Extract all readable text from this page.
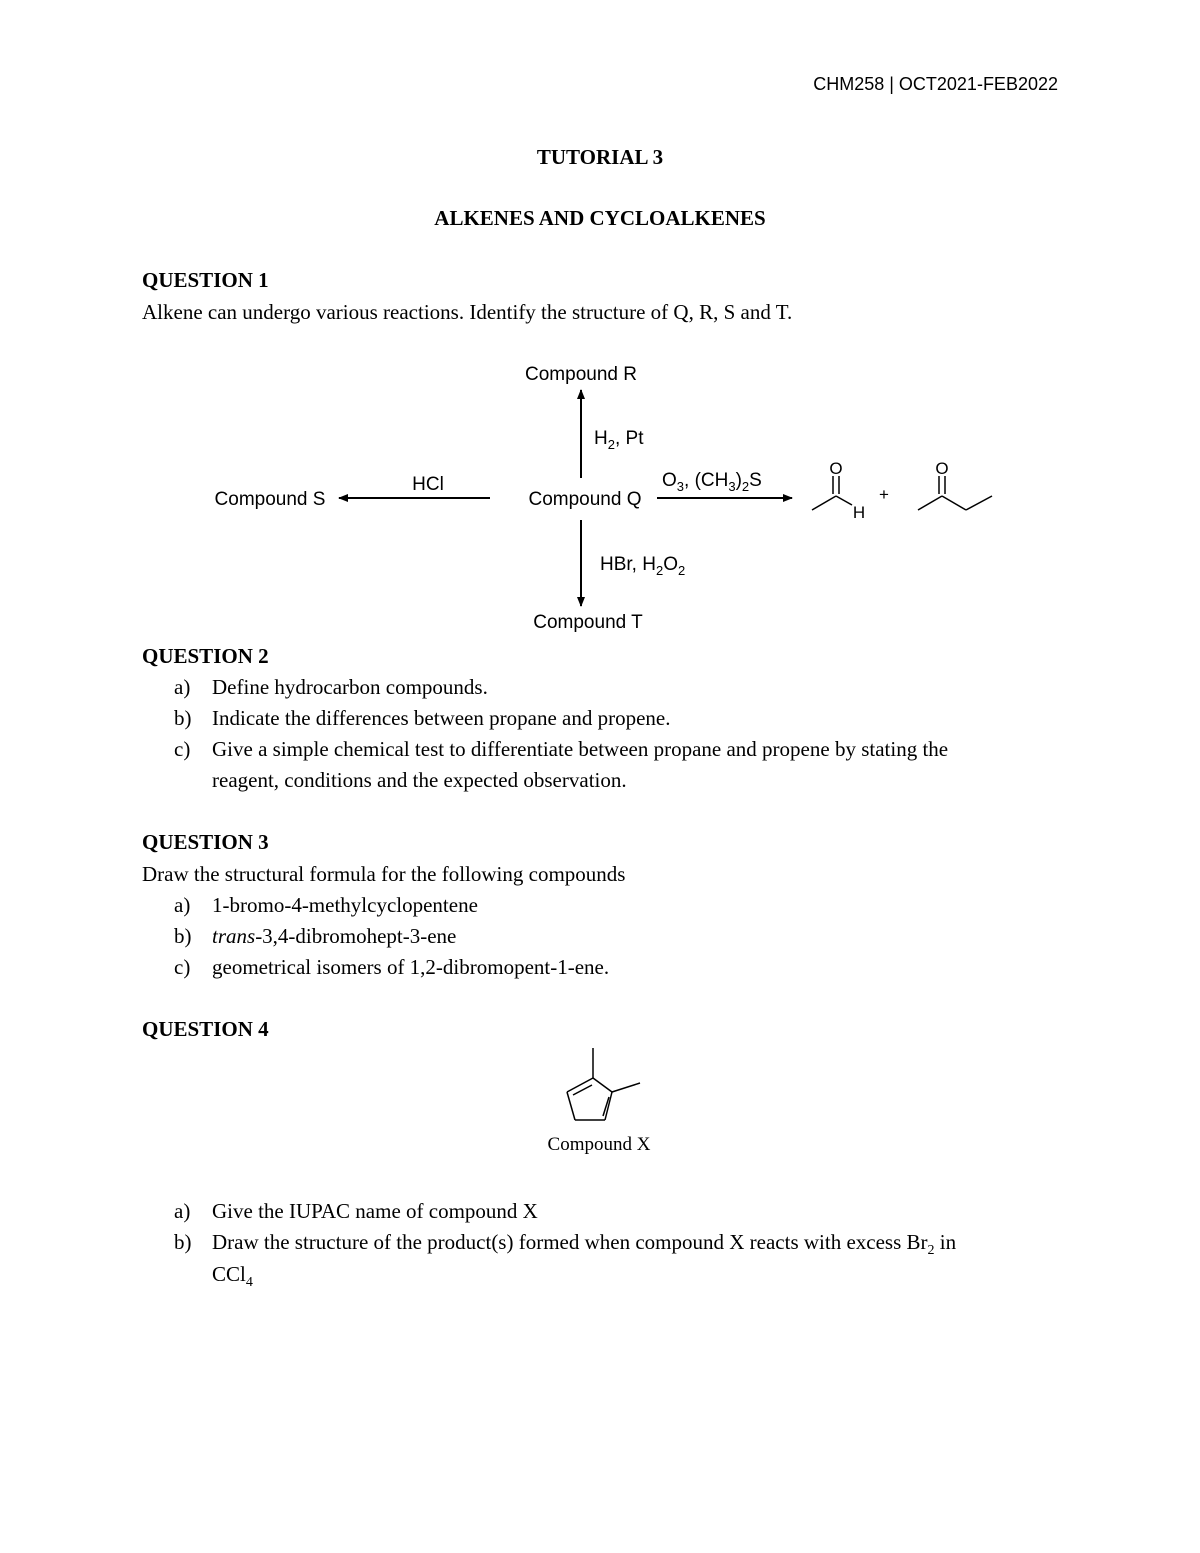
CHM258 | OCT2021-FEB2022
TUTORIAL 3
ALKENES AND CYCLOALKENES
QUESTION 1
Alkene can undergo various reactions. Identify the structure of Q, R, S and T.
Compound R
Compound Q
Compound S
Compound T
$H_2$, Pt
HCl
HBr, $H_2O_2$
$O_3$, $(CH_3)_2S$
O
H
+
O
QUESTION 2
a) Define hydrocarbon compounds.
b) Indicate the differences between propane and propene.
c) Give a simple chemical test to differentiate between propane and propene by stating the
reagent, conditions and the expected observation.
QUESTION 3
Draw the structural formula for the following compounds
a) 1-bromo-4-methylcyclopentene
b) trans-3,4-dibromohept-3-ene
c) geometrical isomers of 1,2-dibromopent-1-ene.
QUESTION 4
Compound X
a) Give the IUPAC name of compound X
b) Draw the structure of the product(s) formed when compound X reacts with excess $Br_2$ in
CCl$_4$
